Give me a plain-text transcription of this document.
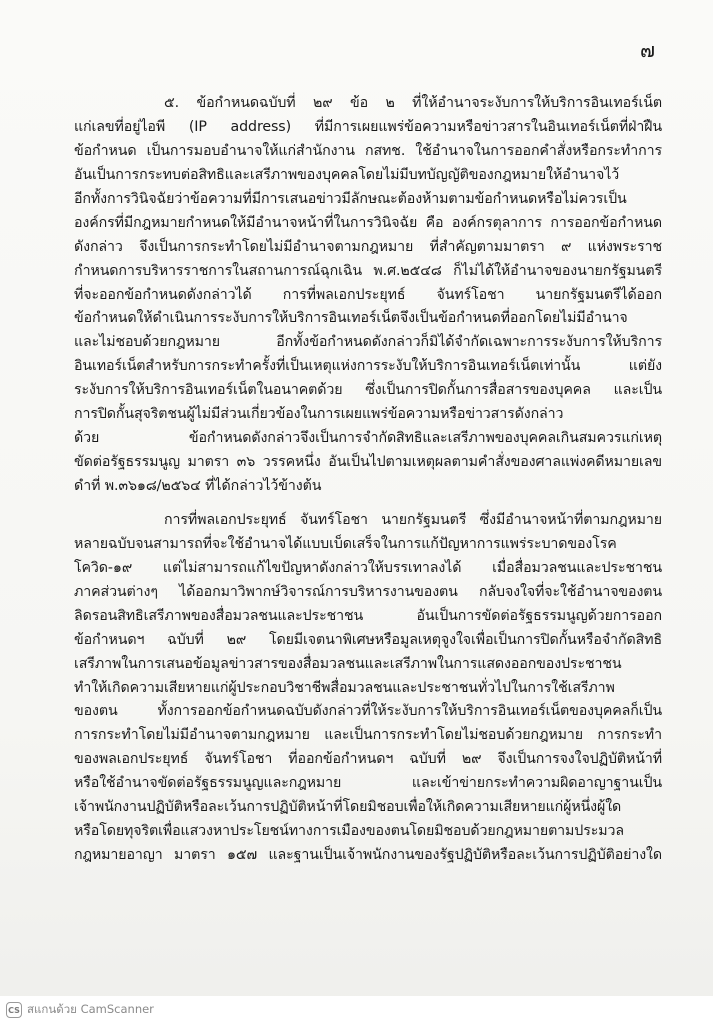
๗
๕. ข้อกำหนดฉบับที่ ๒๙ ข้อ ๒ ที่ให้อำนาจระงับการให้บริการอินเทอร์เน็ต
แก่เลขที่อยู่ไอพี (IP address) ที่มีการเผยแพร่ข้อความหรือข่าวสารในอินเทอร์เน็ตที่ฝ่าฝืน
ข้อกำหนด เป็นการมอบอำนาจให้แก่สำนักงาน กสทช. ใช้อำนาจในการออกคำสั่งหรือกระทำการ
อันเป็นการกระทบต่อสิทธิและเสรีภาพของบุคคลโดยไม่มีบทบัญญัติของกฎหมายให้อำนาจไว้
อีกทั้งการวินิจฉัยว่าข้อความที่มีการเสนอข่าวมีลักษณะต้องห้ามตามข้อกำหนดหรือไม่ควรเป็น
องค์กรที่มีกฎหมายกำหนดให้มีอำนาจหน้าที่ในการวินิจฉัย คือ องค์กรตุลาการ การออกข้อกำหนด
ดังกล่าว จึงเป็นการกระทำโดยไม่มีอำนาจตามกฎหมาย ที่สำคัญตามมาตรา ๙ แห่งพระราช
กำหนดการบริหารราชการในสถานการณ์ฉุกเฉิน พ.ศ.๒๕๔๘ ก็ไม่ได้ให้อำนาจของนายกรัฐมนตรี
ที่จะออกข้อกำหนดดังกล่าวได้ การที่พลเอกประยุทธ์ จันทร์โอชา นายกรัฐมนตรีได้ออก
ข้อกำหนดให้ดำเนินการระงับการให้บริการอินเทอร์เน็ตจึงเป็นข้อกำหนดที่ออกโดยไม่มีอำนาจ
และไม่ชอบด้วยกฎหมาย อีกทั้งข้อกำหนดดังกล่าวก็มิได้จำกัดเฉพาะการระงับการให้บริการ
อินเทอร์เน็ตสำหรับการกระทำครั้งที่เป็นเหตุแห่งการระงับให้บริการอินเทอร์เน็ตเท่านั้น แต่ยัง
ระงับการให้บริการอินเทอร์เน็ตในอนาคตด้วย ซึ่งเป็นการปิดกั้นการสื่อสารของบุคคล และเป็น
การปิดกั้นสุจริตชนผู้ไม่มีส่วนเกี่ยวข้องในการเผยแพร่ข้อความหรือข่าวสารดังกล่าว
ด้วย ข้อกำหนดดังกล่าวจึงเป็นการจำกัดสิทธิและเสรีภาพของบุคคลเกินสมควรแก่เหตุ
ขัดต่อรัฐธรรมนูญ มาตรา ๓๖ วรรคหนึ่ง อันเป็นไปตามเหตุผลตามคำสั่งของศาลแพ่งคดีหมายเลข
ดำที่ พ.๓๖๑๘/๒๕๖๔ ที่ได้กล่าวไว้ข้างต้น
การที่พลเอกประยุทธ์ จันทร์โอชา นายกรัฐมนตรี ซึ่งมีอำนาจหน้าที่ตามกฎหมาย
หลายฉบับจนสามารถที่จะใช้อำนาจได้แบบเบ็ดเสร็จในการแก้ปัญหาการแพร่ระบาดของโรค
โควิด-๑๙ แต่ไม่สามารถแก้ไขปัญหาดังกล่าวให้บรรเทาลงได้ เมื่อสื่อมวลชนและประชาชน
ภาคส่วนต่างๆ ได้ออกมาวิพากษ์วิจารณ์การบริหารงานของตน กลับจงใจที่จะใช้อำนาจของตน
ลิดรอนสิทธิเสรีภาพของสื่อมวลชนและประชาชน อันเป็นการขัดต่อรัฐธรรมนูญด้วยการออก
ข้อกำหนดฯ ฉบับที่ ๒๙ โดยมีเจตนาพิเศษหรือมูลเหตุจูงใจเพื่อเป็นการปิดกั้นหรือจำกัดสิทธิ
เสรีภาพในการเสนอข้อมูลข่าวสารของสื่อมวลชนและเสรีภาพในการแสดงออกของประชาชน
ทำให้เกิดความเสียหายแก่ผู้ประกอบวิชาชีพสื่อมวลชนและประชาชนทั่วไปในการใช้เสรีภาพ
ของตน ทั้งการออกข้อกำหนดฉบับดังกล่าวที่ให้ระงับการให้บริการอินเทอร์เน็ตของบุคคลก็เป็น
การกระทำโดยไม่มีอำนาจตามกฎหมาย และเป็นการกระทำโดยไม่ชอบด้วยกฎหมาย การกระทำ
ของพลเอกประยุทธ์ จันทร์โอชา ที่ออกข้อกำหนดฯ ฉบับที่ ๒๙ จึงเป็นการจงใจปฏิบัติหน้าที่
หรือใช้อำนาจขัดต่อรัฐธรรมนูญและกฎหมาย และเข้าข่ายกระทำความผิดอาญาฐานเป็น
เจ้าพนักงานปฏิบัติหรือละเว้นการปฏิบัติหน้าที่โดยมิชอบเพื่อให้เกิดความเสียหายแก่ผู้หนึ่งผู้ใด
หรือโดยทุจริตเพื่อแสวงหาประโยชน์ทางการเมืองของตนโดยมิชอบด้วยกฎหมายตามประมวล
กฎหมายอาญา มาตรา ๑๕๗ และฐานเป็นเจ้าพนักงานของรัฐปฏิบัติหรือละเว้นการปฏิบัติอย่างใด
CS สแกนด้วย CamScanner
